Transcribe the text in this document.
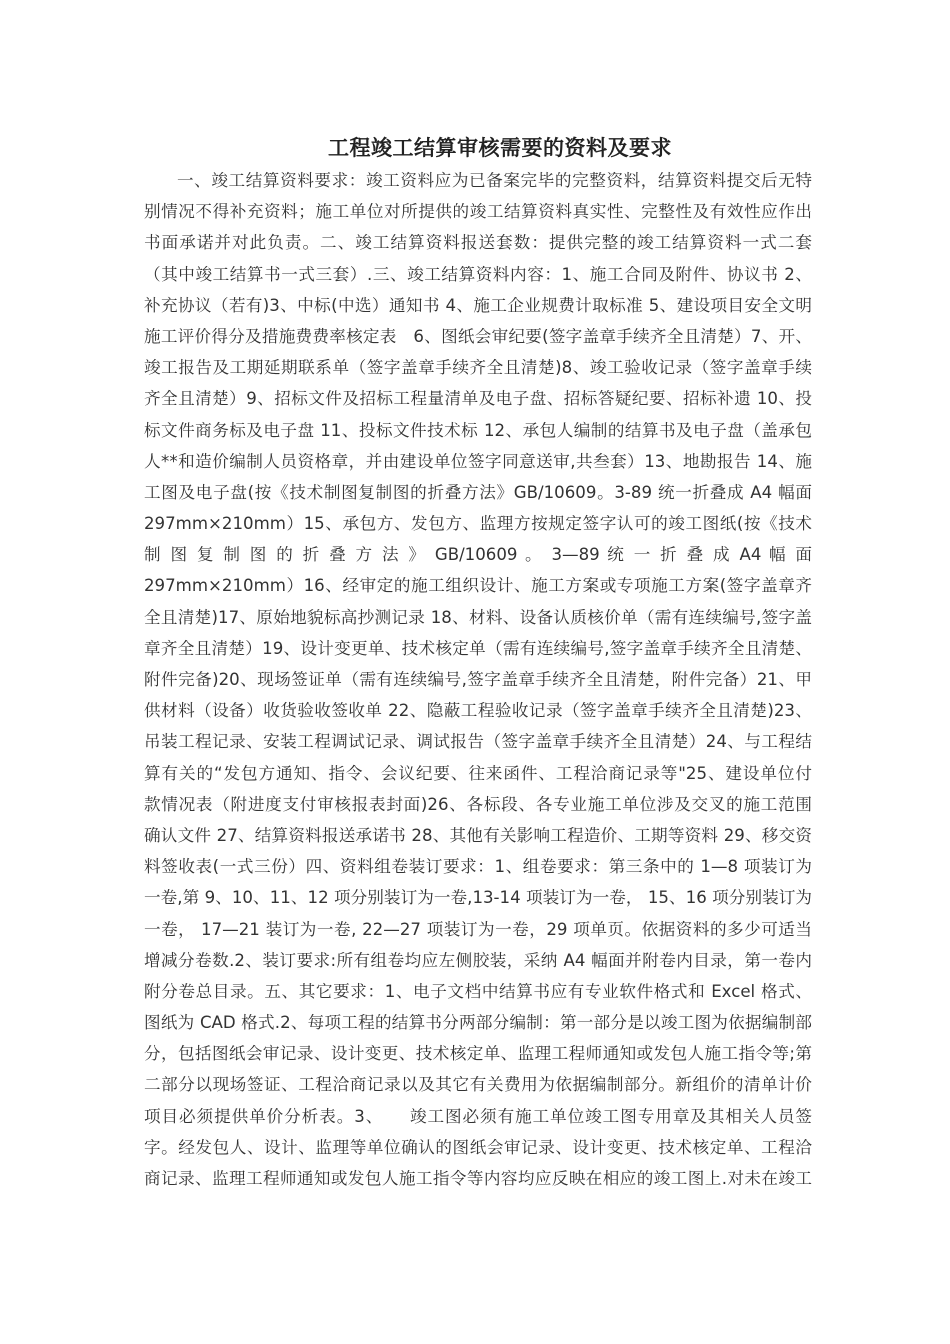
工程竣工结算审核需要的资料及要求
一、竣工结算资料要求：竣工资料应为已备案完毕的完整资料，结算资料提交后无特
别情况不得补充资料；施工单位对所提供的竣工结算资料真实性、完整性及有效性应作出
书面承诺并对此负责。二、竣工结算资料报送套数：提供完整的竣工结算资料一式二套
（其中竣工结算书一式三套）.三、竣工结算资料内容：1、施工合同及附件、协议书 2、
补充协议（若有)3、中标(中选）通知书 4、施工企业规费计取标准 5、建设项目安全文明
施工评价得分及措施费费率核定表　6、图纸会审纪要(签字盖章手续齐全且清楚）7、开、
竣工报告及工期延期联系单（签字盖章手续齐全且清楚)8、竣工验收记录（签字盖章手续
齐全且清楚）9、招标文件及招标工程量清单及电子盘、招标答疑纪要、招标补遗 10、投
标文件商务标及电子盘 11、投标文件技术标 12、承包人编制的结算书及电子盘（盖承包
人**和造价编制人员资格章，并由建设单位签字同意送审,共叁套）13、地勘报告 14、施
工图及电子盘(按《技术制图复制图的折叠方法》GB/10609。3-89 统一折叠成 A4 幅面
297mm×210mm）15、承包方、发包方、监理方按规定签字认可的竣工图纸(按《技术
制 图 复 制 图 的 折 叠 方 法 》 GB/10609 。 3—89 统 一 折 叠 成 A4 幅 面
297mm×210mm）16、经审定的施工组织设计、施工方案或专项施工方案(签字盖章齐
全且清楚)17、原始地貌标高抄测记录 18、材料、设备认质核价单（需有连续编号,签字盖
章齐全且清楚）19、设计变更单、技术核定单（需有连续编号,签字盖章手续齐全且清楚、
附件完备)20、现场签证单（需有连续编号,签字盖章手续齐全且清楚，附件完备）21、甲
供材料（设备）收货验收签收单 22、隐蔽工程验收记录（签字盖章手续齐全且清楚)23、
吊装工程记录、安装工程调试记录、调试报告（签字盖章手续齐全且清楚）24、与工程结
算有关的“发包方通知、指令、会议纪要、往来函件、工程洽商记录等"25、建设单位付
款情况表（附进度支付审核报表封面)26、各标段、各专业施工单位涉及交叉的施工范围
确认文件 27、结算资料报送承诺书 28、其他有关影响工程造价、工期等资料 29、移交资
料签收表(一式三份）四、资料组卷装订要求：1、组卷要求：第三条中的 1—8 项装订为
一卷,第 9、10、11、12 项分别装订为一卷,13-14 项装订为一卷， 15、16 项分别装订为
一卷， 17—21 装订为一卷, 22—27 项装订为一卷，29 项单页。依据资料的多少可适当
增减分卷数.2、装订要求:所有组卷均应左侧胶装，采纳 A4 幅面并附卷内目录，第一卷内
附分卷总目录。五、其它要求：1、电子文档中结算书应有专业软件格式和 Excel 格式、
图纸为 CAD 格式.2、每项工程的结算书分两部分编制：第一部分是以竣工图为依据编制部
分，包括图纸会审记录、设计变更、技术核定单、监理工程师通知或发包人施工指令等;第
二部分以现场签证、工程洽商记录以及其它有关费用为依据编制部分。新组价的清单计价
项目必须提供单价分析表。3、　　竣工图必须有施工单位竣工图专用章及其相关人员签
字。经发包人、设计、监理等单位确认的图纸会审记录、设计变更、技术核定单、工程洽
商记录、监理工程师通知或发包人施工指令等内容均应反映在相应的竣工图上.对未在竣工
